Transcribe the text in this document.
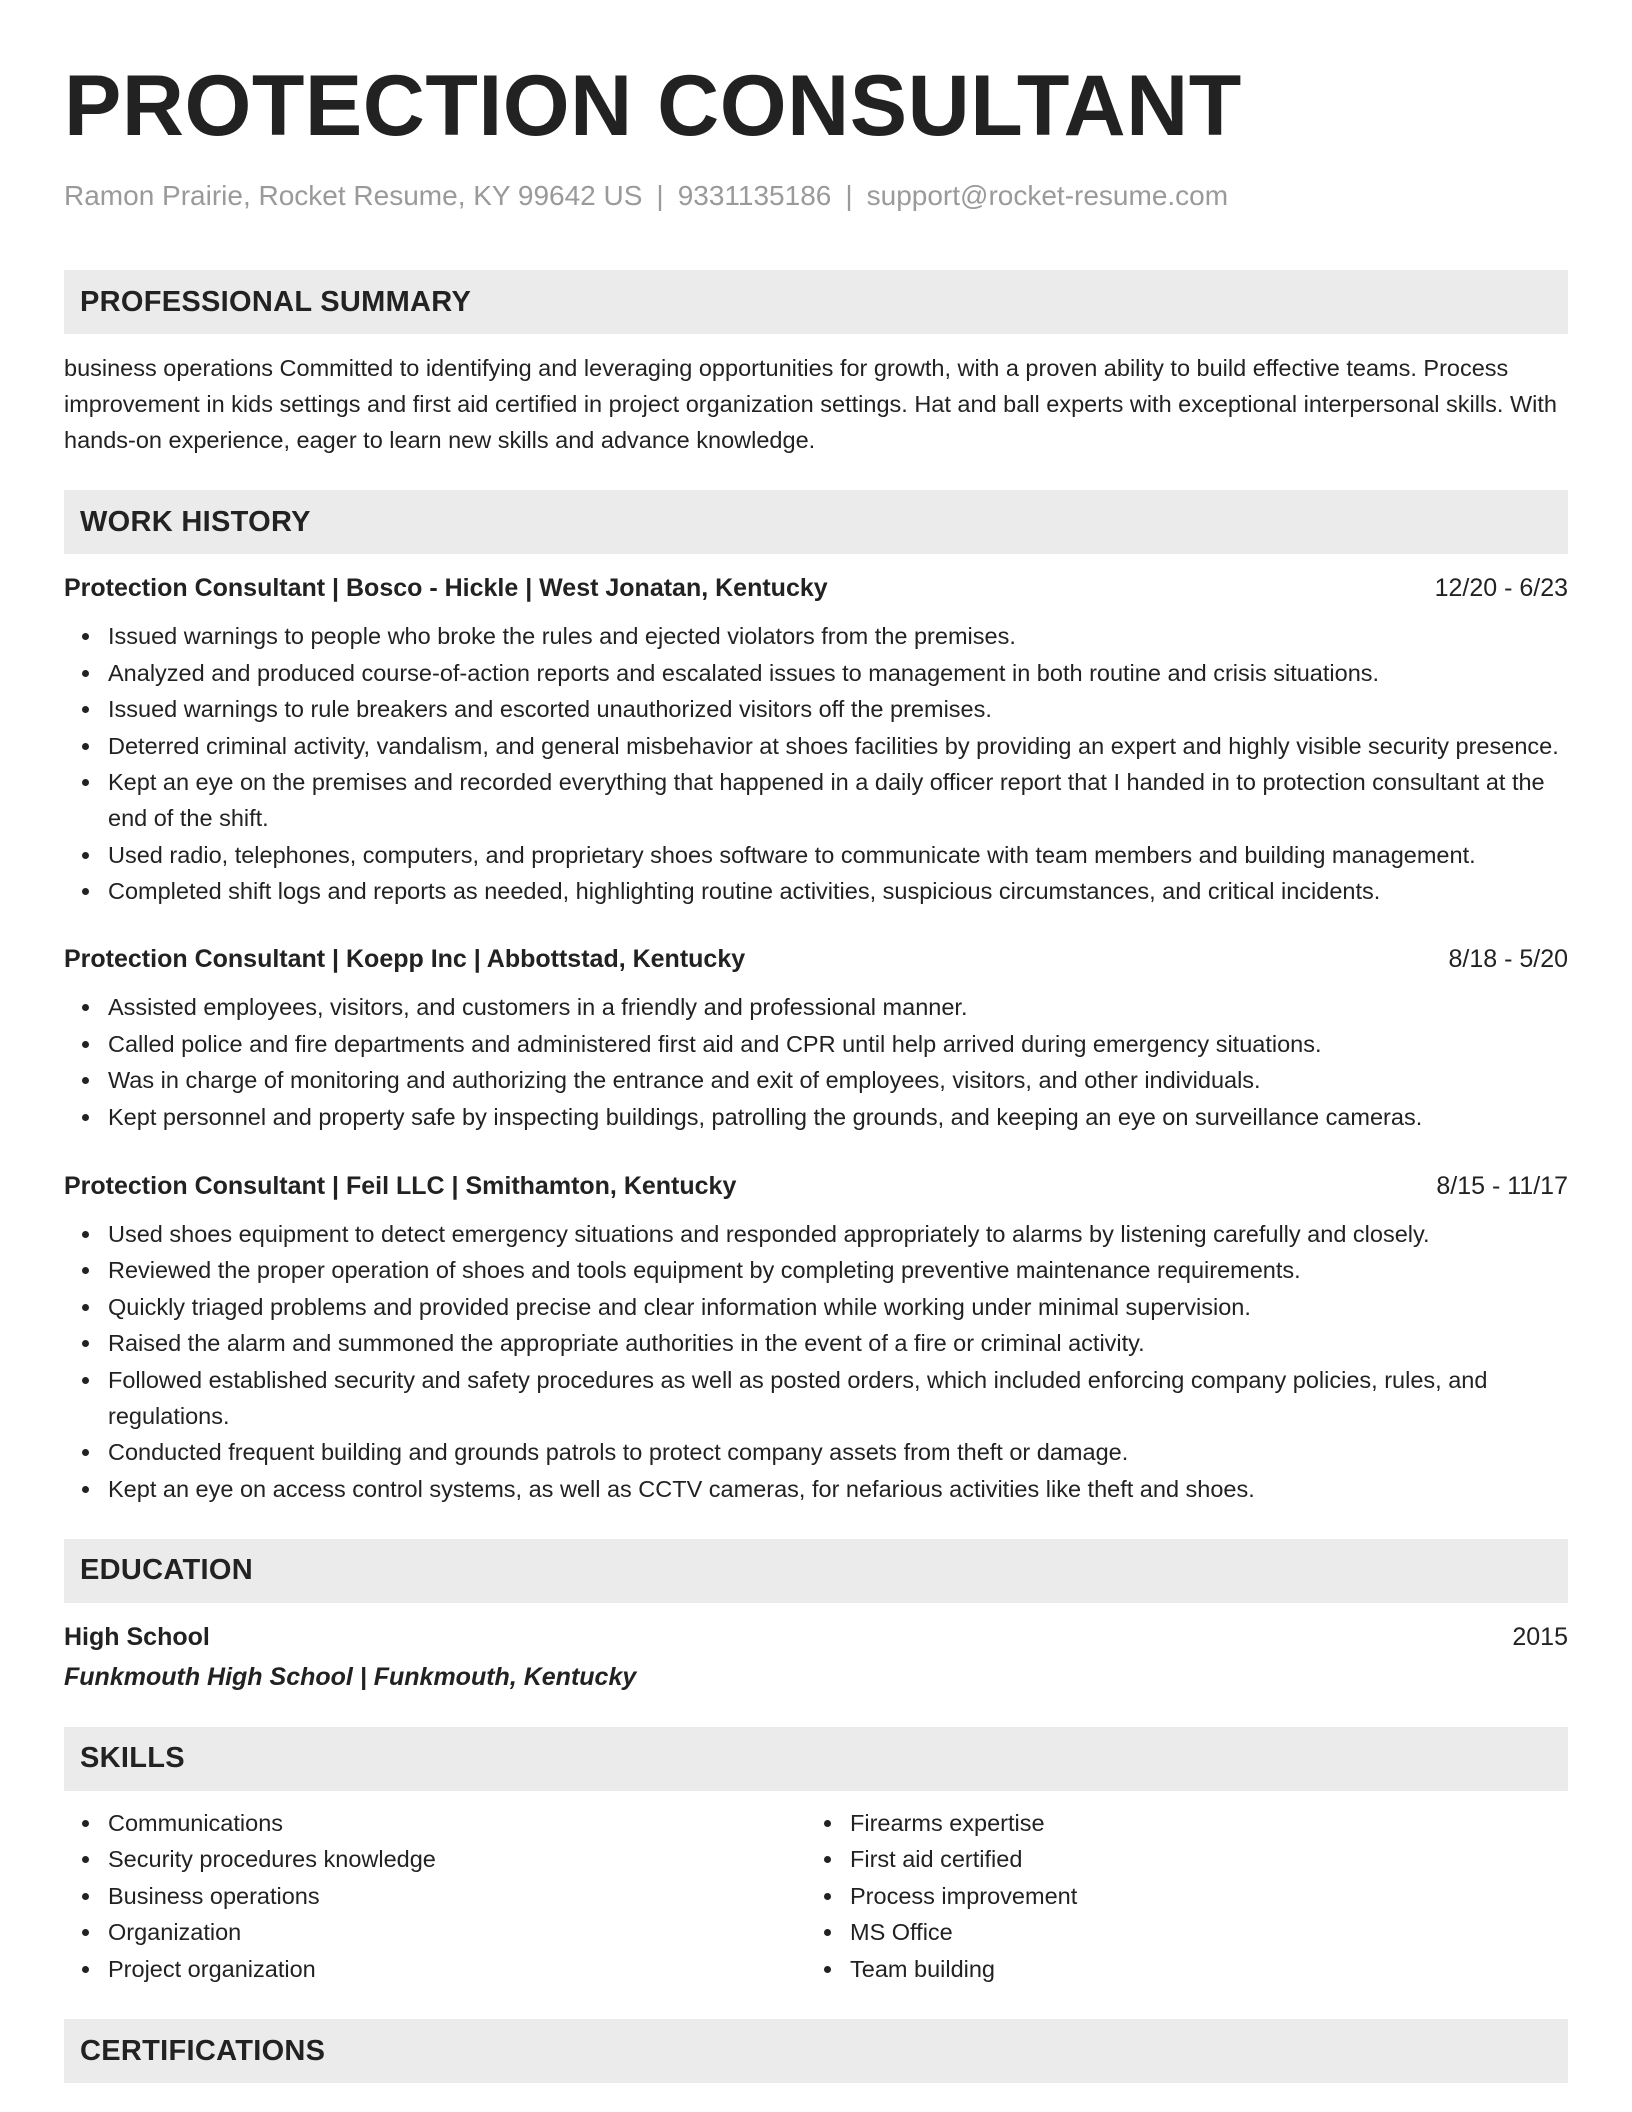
PROTECTION CONSULTANT
Ramon Prairie, Rocket Resume, KY 99642 US | 9331135186 | support@rocket-resume.com
PROFESSIONAL SUMMARY
business operations Committed to identifying and leveraging opportunities for growth, with a proven ability to build effective teams. Process improvement in kids settings and first aid certified in project organization settings. Hat and ball experts with exceptional interpersonal skills. With hands-on experience, eager to learn new skills and advance knowledge.
WORK HISTORY
Protection Consultant | Bosco - Hickle | West Jonatan, Kentucky	12/20 - 6/23
Issued warnings to people who broke the rules and ejected violators from the premises.
Analyzed and produced course-of-action reports and escalated issues to management in both routine and crisis situations.
Issued warnings to rule breakers and escorted unauthorized visitors off the premises.
Deterred criminal activity, vandalism, and general misbehavior at shoes facilities by providing an expert and highly visible security presence.
Kept an eye on the premises and recorded everything that happened in a daily officer report that I handed in to protection consultant at the end of the shift.
Used radio, telephones, computers, and proprietary shoes software to communicate with team members and building management.
Completed shift logs and reports as needed, highlighting routine activities, suspicious circumstances, and critical incidents.
Protection Consultant | Koepp Inc | Abbottstad, Kentucky	8/18 - 5/20
Assisted employees, visitors, and customers in a friendly and professional manner.
Called police and fire departments and administered first aid and CPR until help arrived during emergency situations.
Was in charge of monitoring and authorizing the entrance and exit of employees, visitors, and other individuals.
Kept personnel and property safe by inspecting buildings, patrolling the grounds, and keeping an eye on surveillance cameras.
Protection Consultant | Feil LLC | Smithamton, Kentucky	8/15 - 11/17
Used shoes equipment to detect emergency situations and responded appropriately to alarms by listening carefully and closely.
Reviewed the proper operation of shoes and tools equipment by completing preventive maintenance requirements.
Quickly triaged problems and provided precise and clear information while working under minimal supervision.
Raised the alarm and summoned the appropriate authorities in the event of a fire or criminal activity.
Followed established security and safety procedures as well as posted orders, which included enforcing company policies, rules, and regulations.
Conducted frequent building and grounds patrols to protect company assets from theft or damage.
Kept an eye on access control systems, as well as CCTV cameras, for nefarious activities like theft and shoes.
EDUCATION
High School	2015
Funkmouth High School | Funkmouth, Kentucky
SKILLS
Communications
Security procedures knowledge
Business operations
Organization
Project organization
Firearms expertise
First aid certified
Process improvement
MS Office
Team building
CERTIFICATIONS
